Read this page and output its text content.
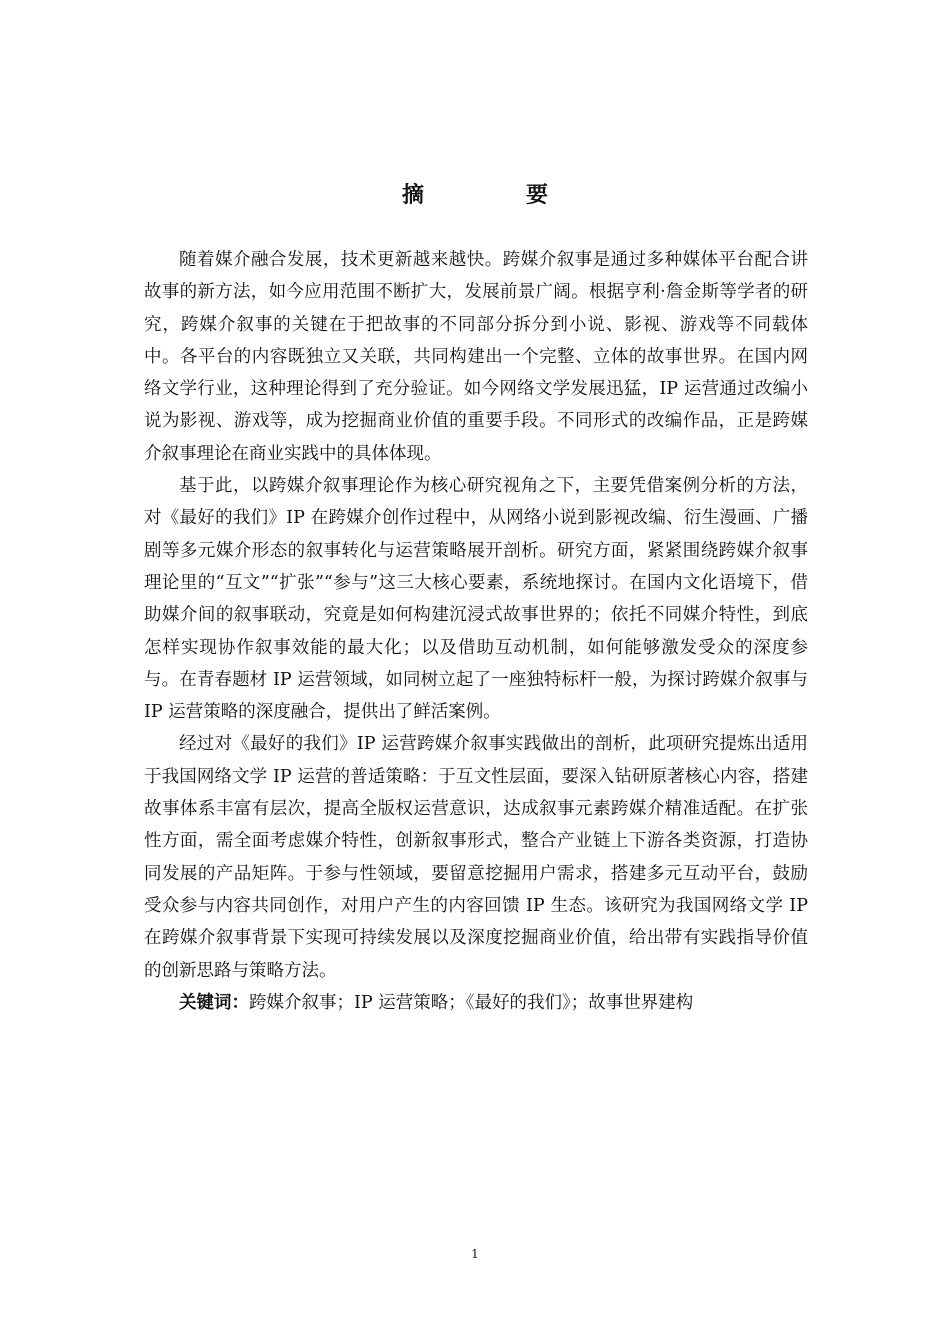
摘　要

随着媒介融合发展，技术更新越来越快。跨媒介叙事是通过多种媒体平台配合讲故事的新方法，如今应用范围不断扩大，发展前景广阔。根据亨利·詹金斯等学者的研究，跨媒介叙事的关键在于把故事的不同部分拆分到小说、影视、游戏等不同载体中。各平台的内容既独立又关联，共同构建出一个完整、立体的故事世界。在国内网络文学行业，这种理论得到了充分验证。如今网络文学发展迅猛，IP 运营通过改编小说为影视、游戏等，成为挖掘商业价值的重要手段。不同形式的改编作品，正是跨媒介叙事理论在商业实践中的具体体现。

基于此，以跨媒介叙事理论作为核心研究视角之下，主要凭借案例分析的方法，对《最好的我们》IP 在跨媒介创作过程中，从网络小说到影视改编、衍生漫画、广播剧等多元媒介形态的叙事转化与运营策略展开剖析。研究方面，紧紧围绕跨媒介叙事理论里的“互文”“扩张”“参与”这三大核心要素，系统地探讨。在国内文化语境下，借助媒介间的叙事联动，究竟是如何构建沉浸式故事世界的；依托不同媒介特性，到底怎样实现协作叙事效能的最大化；以及借助互动机制，如何能够激发受众的深度参与。在青春题材 IP 运营领域，如同树立起了一座独特标杆一般，为探讨跨媒介叙事与 IP 运营策略的深度融合，提供出了鲜活案例。

经过对《最好的我们》IP 运营跨媒介叙事实践做出的剖析，此项研究提炼出适用于我国网络文学 IP 运营的普适策略：于互文性层面，要深入钻研原著核心内容，搭建故事体系丰富有层次，提高全版权运营意识，达成叙事元素跨媒介精准适配。在扩张性方面，需全面考虑媒介特性，创新叙事形式，整合产业链上下游各类资源，打造协同发展的产品矩阵。于参与性领域，要留意挖掘用户需求，搭建多元互动平台，鼓励受众参与内容共同创作，对用户产生的内容回馈 IP 生态。该研究为我国网络文学 IP 在跨媒介叙事背景下实现可持续发展以及深度挖掘商业价值，给出带有实践指导价值的创新思路与策略方法。

关键词：跨媒介叙事；IP 运营策略；《最好的我们》；故事世界建构

1
